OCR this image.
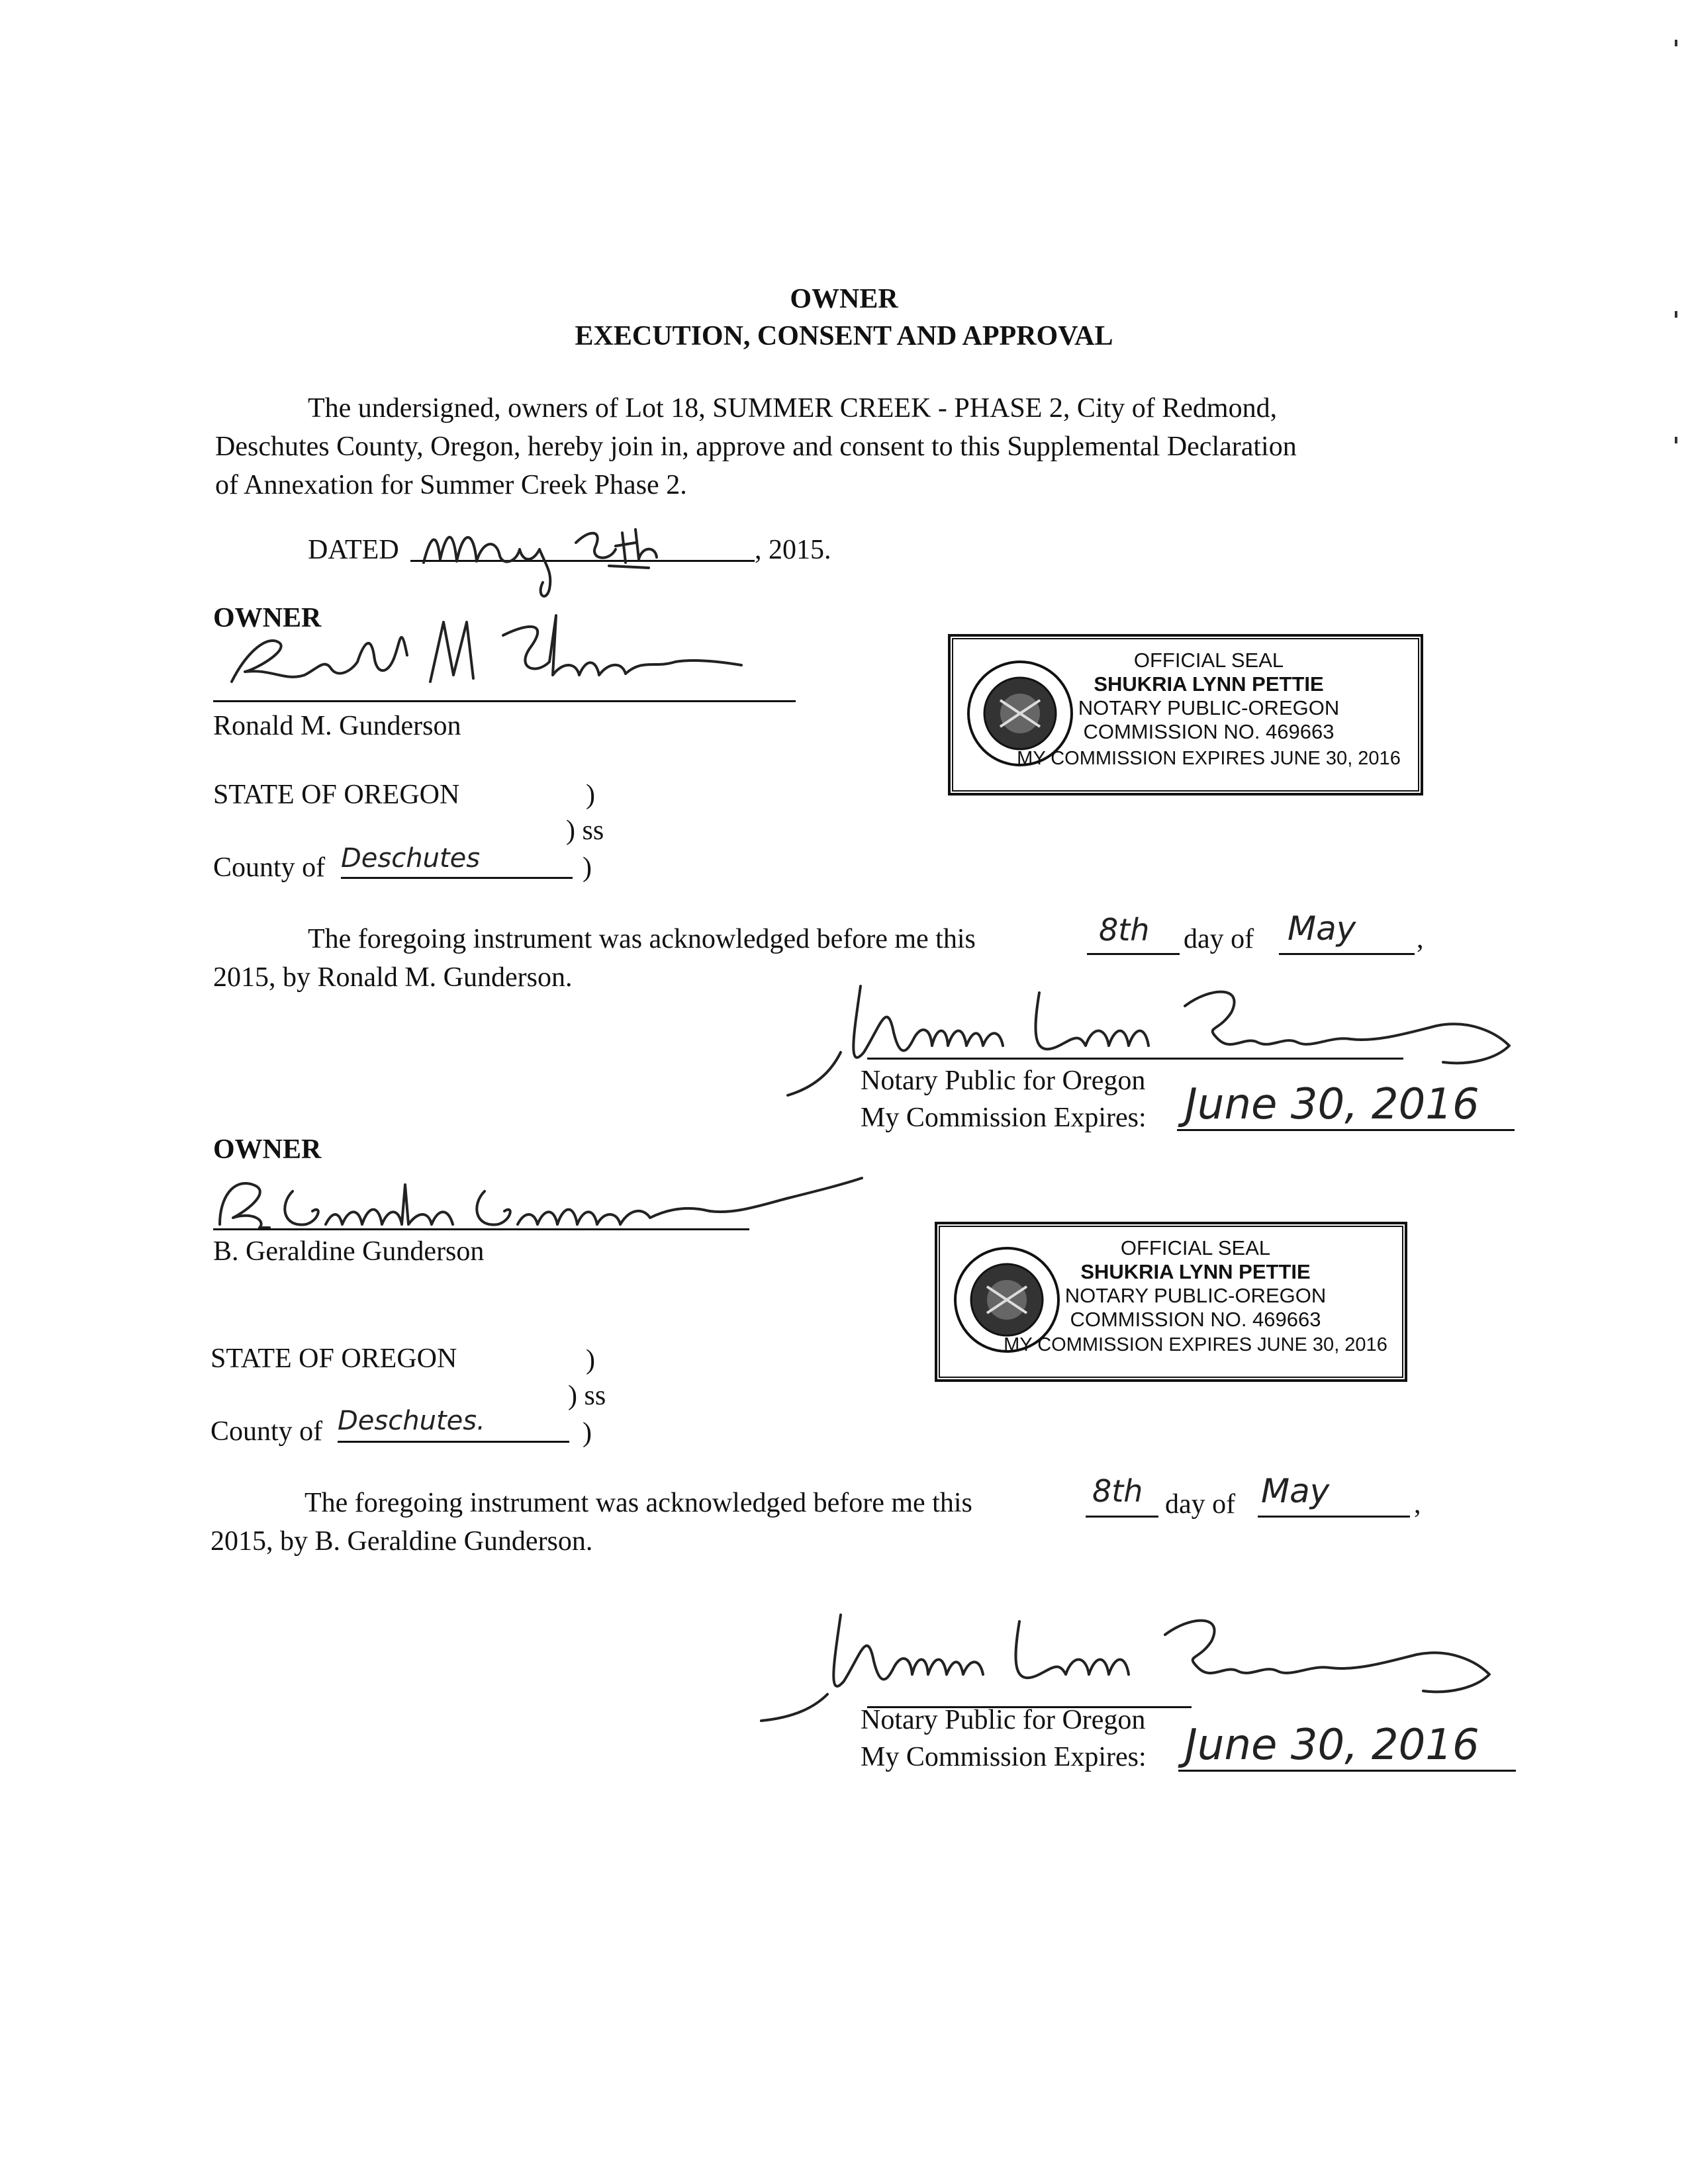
OWNER
EXECUTION, CONSENT AND APPROVAL
The undersigned, owners of Lot 18, SUMMER CREEK - PHASE 2, City of Redmond,
Deschutes County, Oregon, hereby join in, approve and consent to this Supplemental Declaration
of Annexation for Summer Creek Phase 2.
DATED	, 2015.
OWNER
Ronald M. Gunderson
STATE OF OREGON	)
) ss
County of Deschutes	)
OFFICIAL SEAL
SHUKRIA LYNN PETTIE
NOTARY PUBLIC-OREGON
COMMISSION NO. 469663
MY COMMISSION EXPIRES JUNE 30, 2016
The foregoing instrument was acknowledged before me this	8th day of May ,
2015, by Ronald M. Gunderson.
Notary Public for Oregon
My Commission Expires: June 30, 2016
OWNER
B. Geraldine Gunderson
STATE OF OREGON	)
) ss
County of Deschutes.	)
OFFICIAL SEAL
SHUKRIA LYNN PETTIE
NOTARY PUBLIC-OREGON
COMMISSION NO. 469663
MY COMMISSION EXPIRES JUNE 30, 2016
The foregoing instrument was acknowledged before me this	8th day of May	,
2015, by B. Geraldine Gunderson.
Notary Public for Oregon
My Commission Expires: June 30, 2016
